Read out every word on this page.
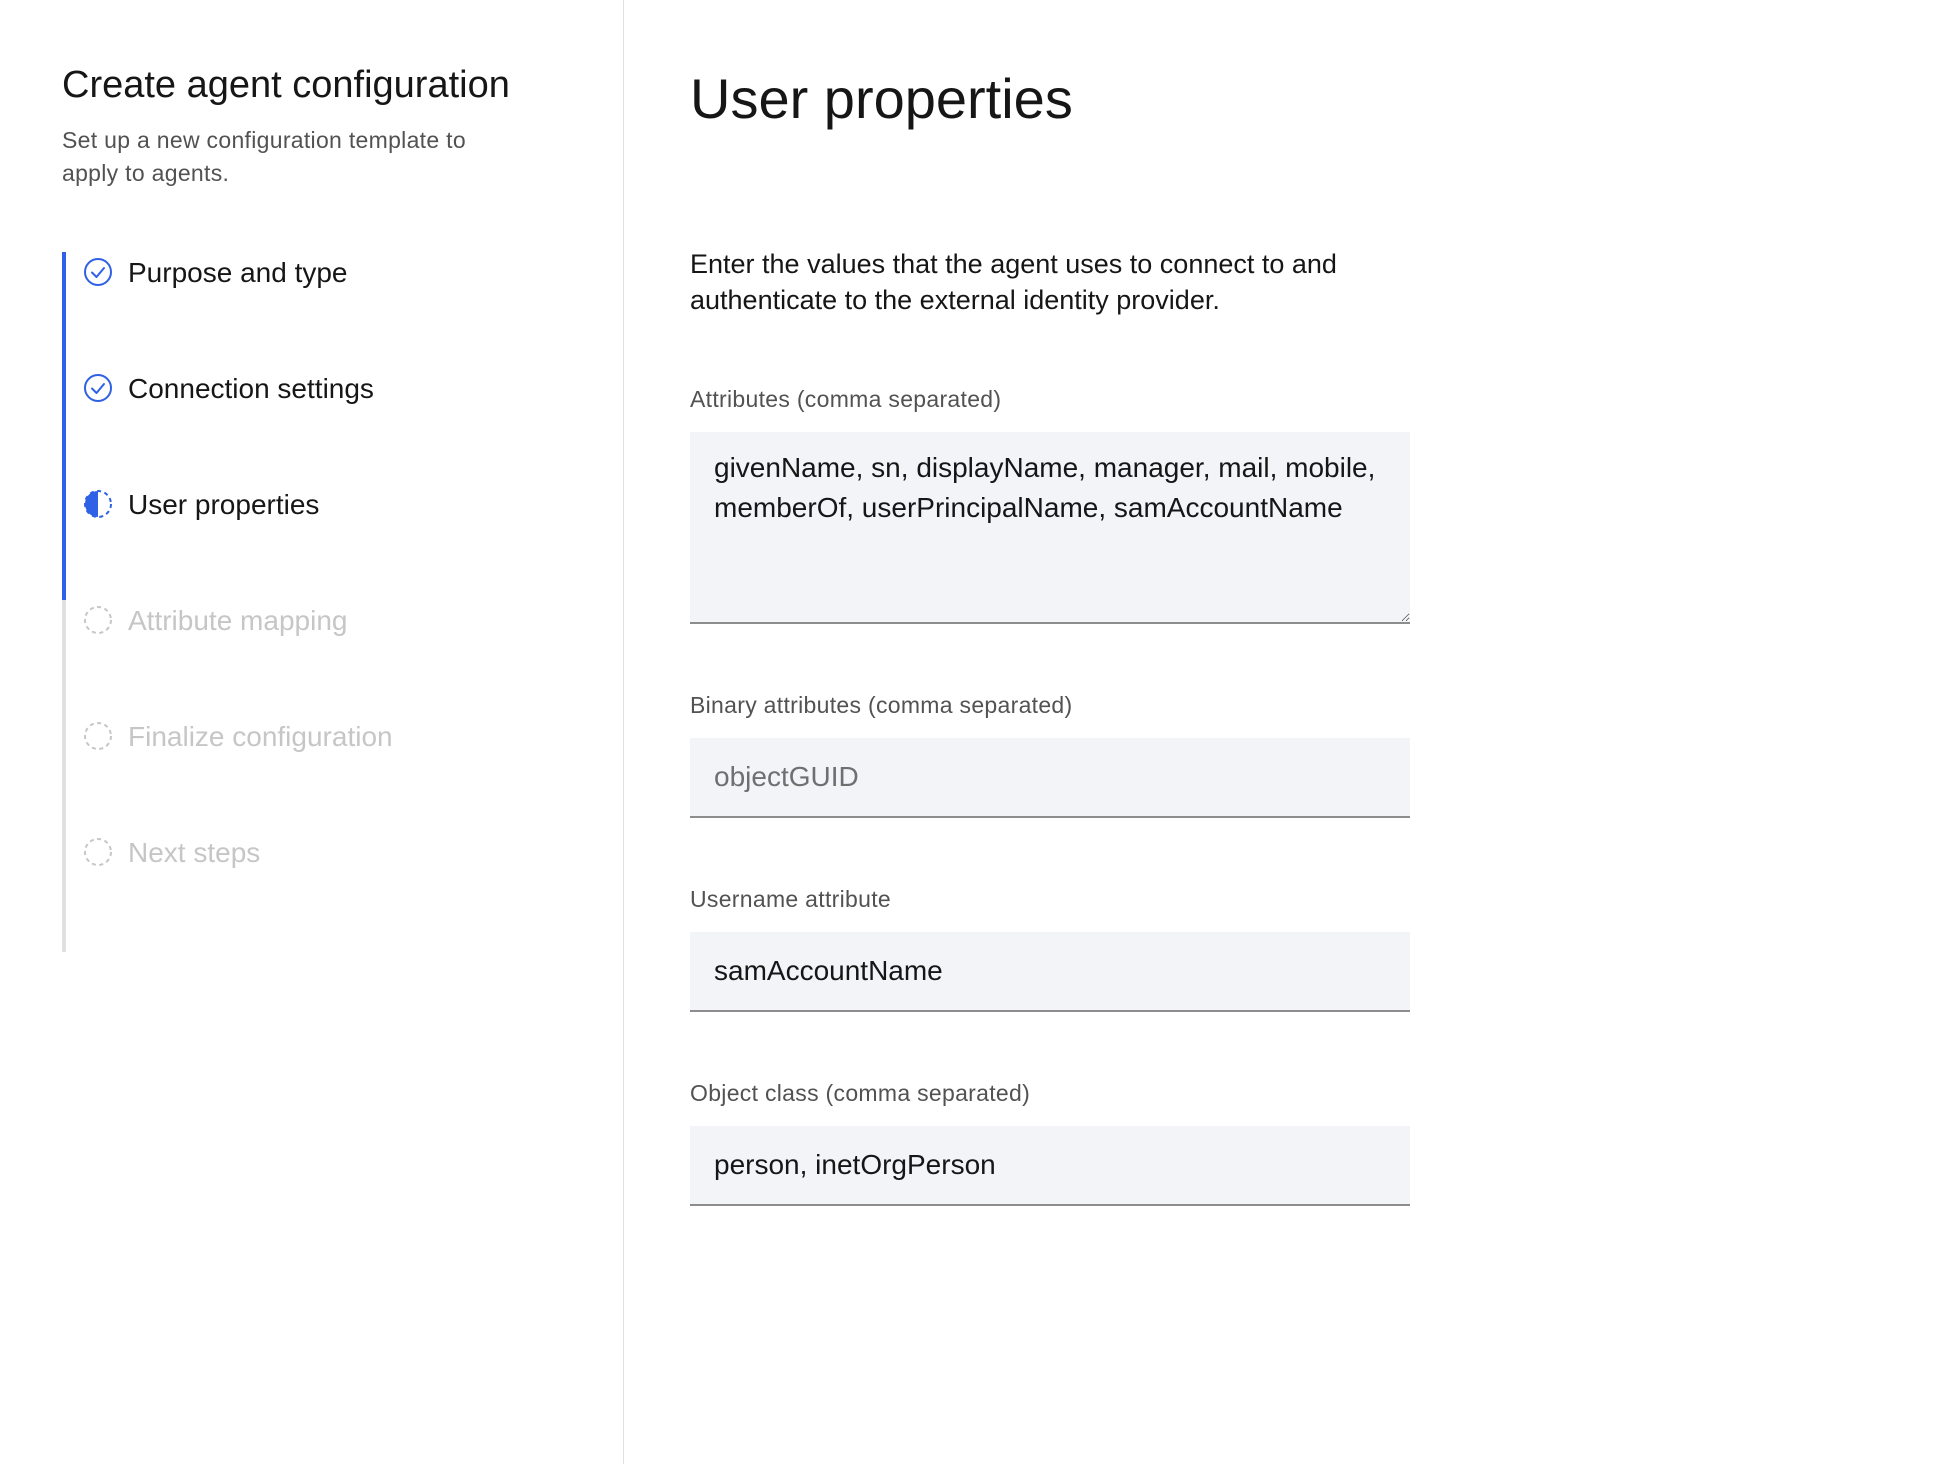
Create agent configuration

Set up a new configuration template to apply to agents.

Purpose and type
Connection settings
User properties
Attribute mapping
Finalize configuration
Next steps
User properties

Enter the values that the agent uses to connect to and authenticate to the external identity provider.

Attributes (comma separated)
givenName, sn, displayName, manager, mail, mobile, memberOf, userPrincipalName, samAccountName
Binary attributes (comma separated)
objectGUID
Username attribute
samAccountName
Object class (comma separated)
person, inetOrgPerson
